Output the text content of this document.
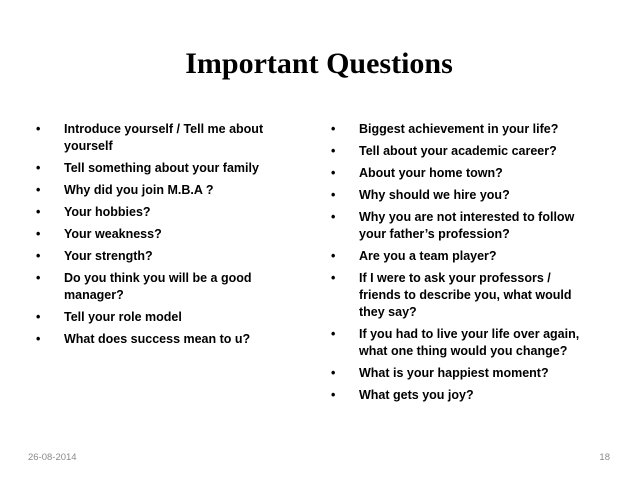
Important Questions
•	Introduce yourself / Tell me about yourself
•	Tell something about your family
•	Why did you join M.B.A ?
•	Your hobbies?
•	Your weakness?
•	Your strength?
•	Do you think you will be a good manager?
•	Tell your role model
•	What does success mean to u?
•	Biggest achievement in your life?
•	Tell about your academic career?
•	About your home town?
•	Why should we hire you?
•	Why you are not interested to follow your father’s profession?
•	Are you a team player?
•	If I were to ask your professors / friends to describe you, what would they say?
•	If you had to live your life over again, what one thing would you change?
•	What is your happiest moment?
•	What gets you joy?
26-08-2014	18
